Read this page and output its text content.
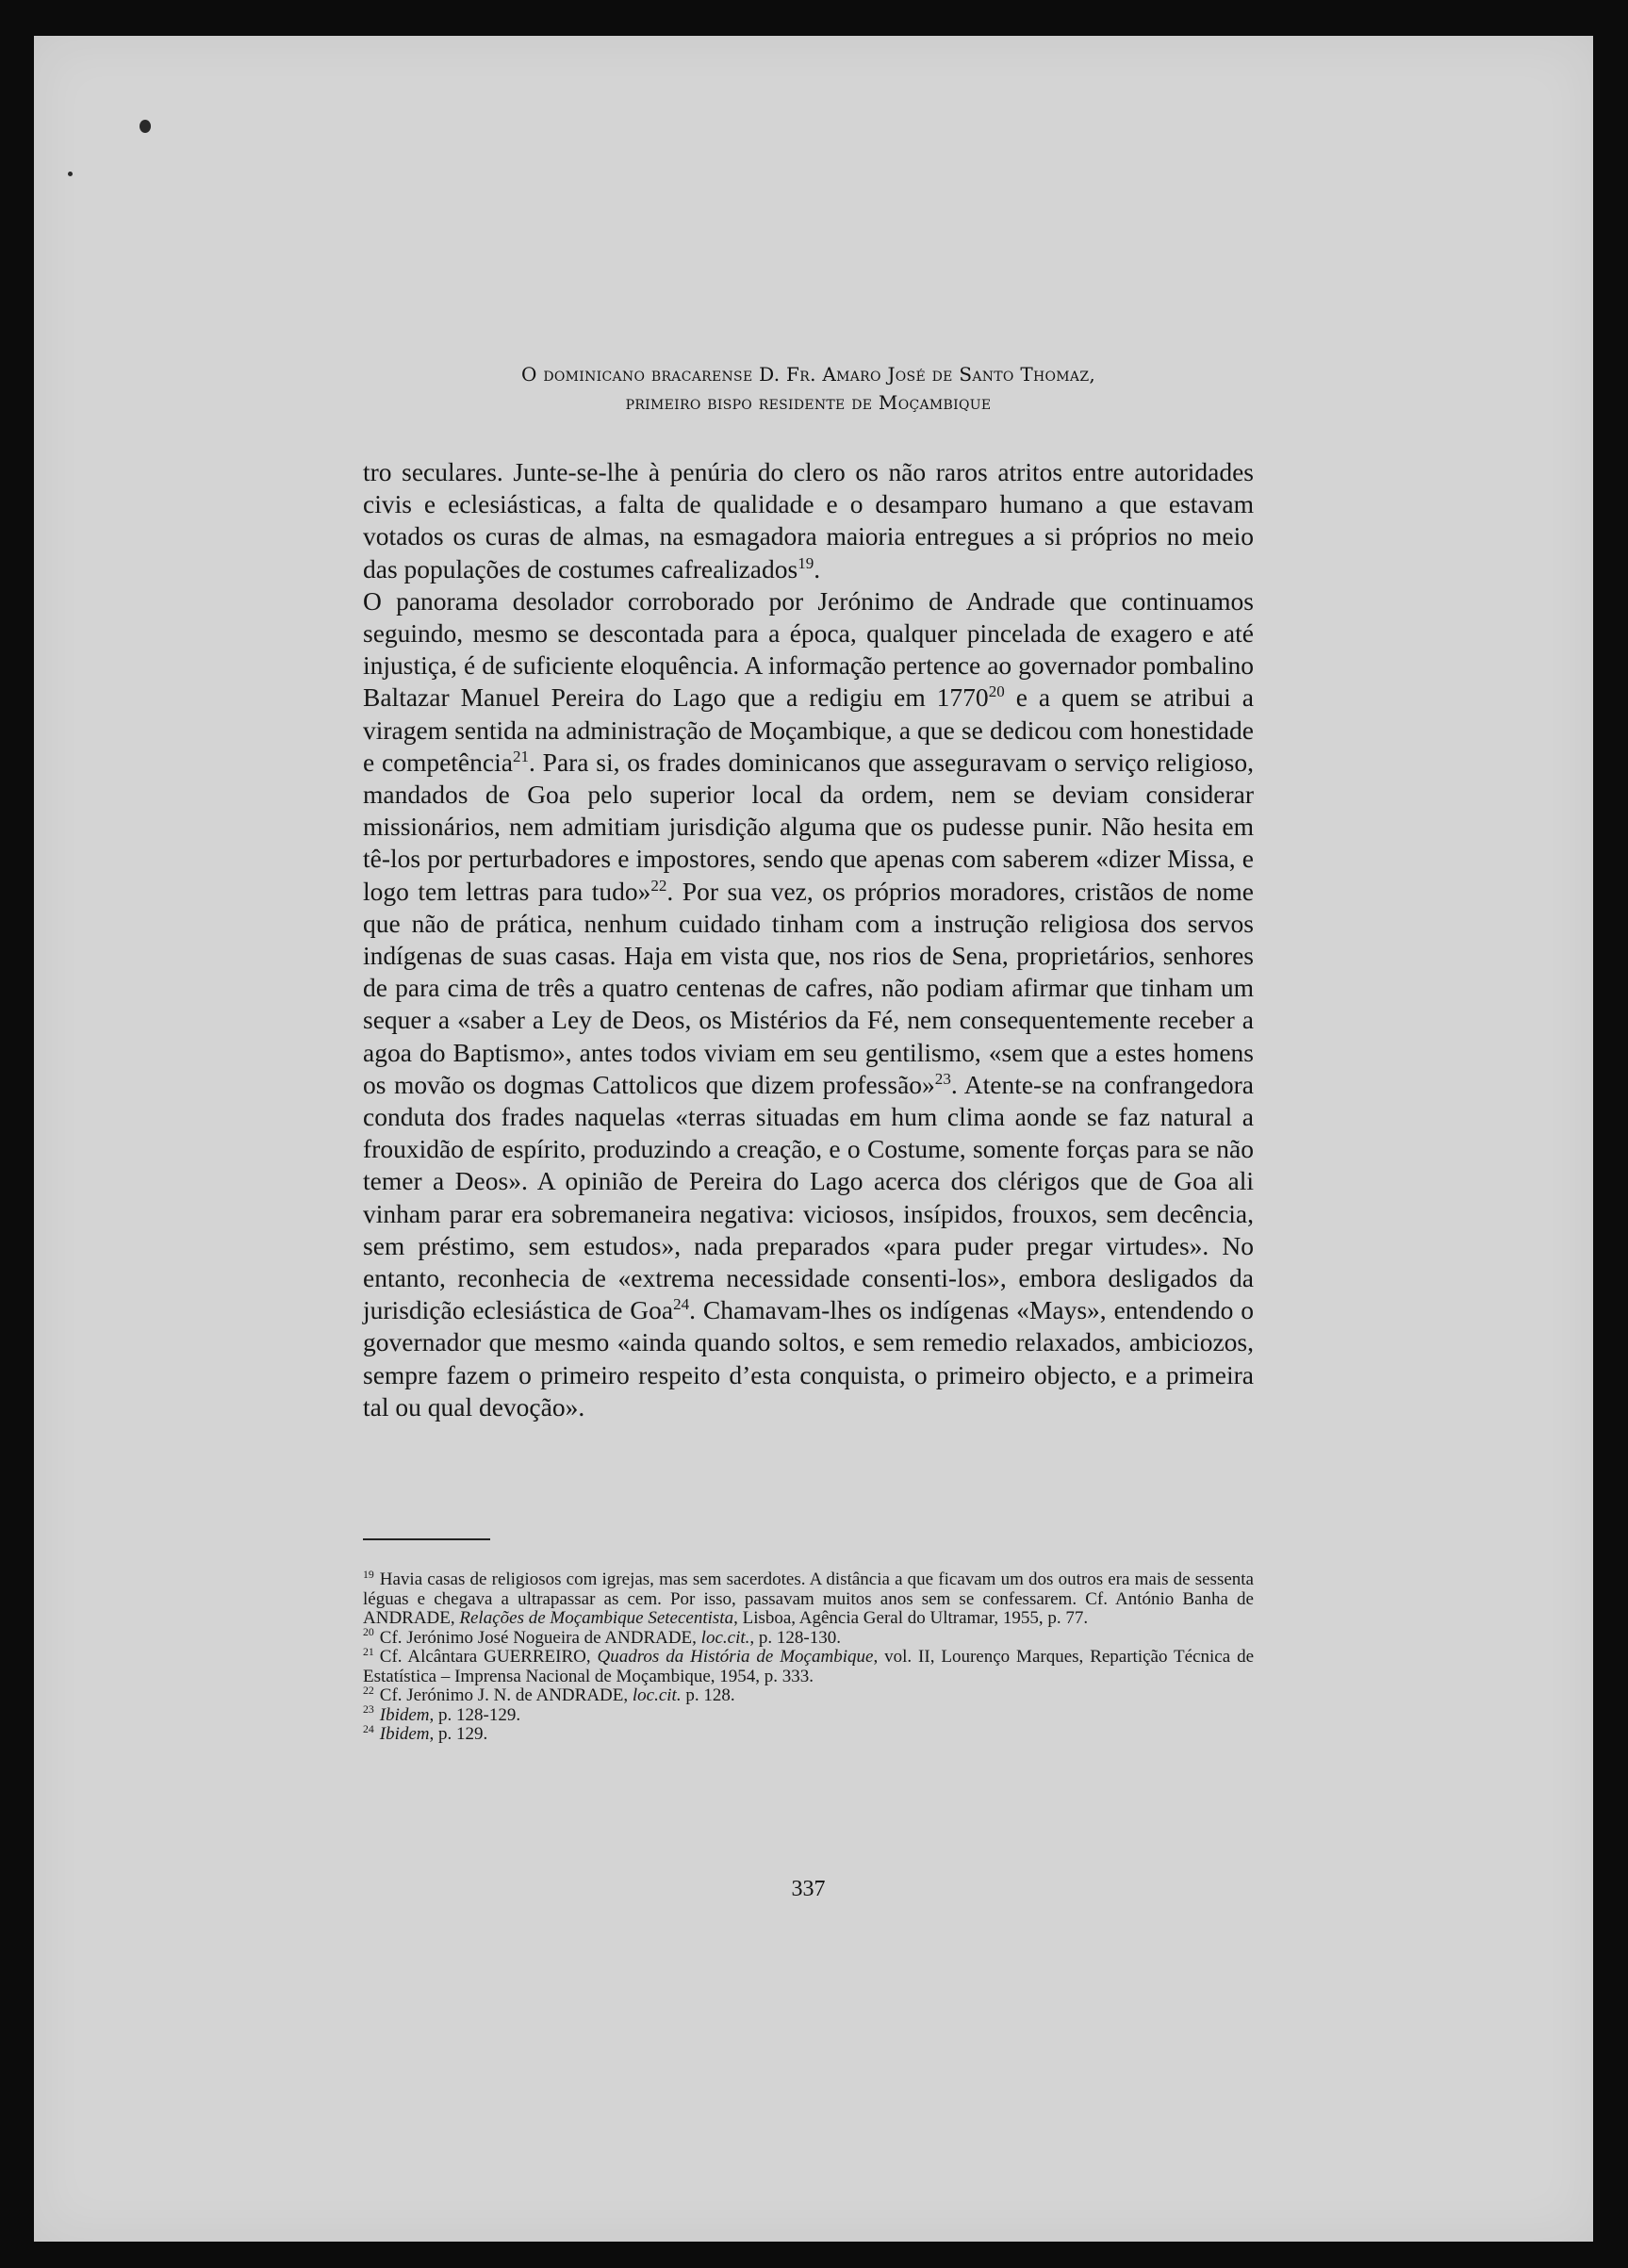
O dominicano bracarense D. Fr. Amaro José de Santo Thomaz,
primeiro bispo residente de Moçambique

tro seculares. Junte-se-lhe à penúria do clero os não raros atritos entre autoridades civis e eclesiásticas, a falta de qualidade e o desamparo humano a que estavam votados os curas de almas, na esmagadora maioria entregues a si próprios no meio das populações de costumes cafrealizados$^{19}$.

O panorama desolador corroborado por Jerónimo de Andrade que continuamos seguindo, mesmo se descontada para a época, qualquer pincelada de exagero e até injustiça, é de suficiente eloquência. A informação pertence ao governador pombalino Baltazar Manuel Pereira do Lago que a redigiu em 1770$^{20}$ e a quem se atribui a viragem sentida na administração de Moçambique, a que se dedicou com honestidade e competência$^{21}$. Para si, os frades dominicanos que asseguravam o serviço religioso, mandados de Goa pelo superior local da ordem, nem se deviam considerar missionários, nem admitiam jurisdição alguma que os pudesse punir. Não hesita em tê-los por perturbadores e impostores, sendo que apenas com saberem «dizer Missa, e logo tem lettras para tudo»$^{22}$. Por sua vez, os próprios moradores, cristãos de nome que não de prática, nenhum cuidado tinham com a instrução religiosa dos servos indígenas de suas casas. Haja em vista que, nos rios de Sena, proprietários, senhores de para cima de três a quatro centenas de cafres, não podiam afirmar que tinham um sequer a «saber a Ley de Deos, os Mistérios da Fé, nem consequentemente receber a agoa do Baptismo», antes todos viviam em seu gentilismo, «sem que a estes homens os movão os dogmas Cattolicos que dizem professão»$^{23}$. Atente-se na confrangedora conduta dos frades naquelas «terras situadas em hum clima aonde se faz natural a frouxidão de espírito, produzindo a creação, e o Costume, somente forças para se não temer a Deos». A opinião de Pereira do Lago acerca dos clérigos que de Goa ali vinham parar era sobremaneira negativa: viciosos, insípidos, frouxos, sem decência, sem préstimo, sem estudos», nada preparados «para puder pregar virtudes». No entanto, reconhecia de «extrema necessidade consenti-los», embora desligados da jurisdição eclesiástica de Goa$^{24}$. Chamavam-lhes os indígenas «Mays», entendendo o governador que mesmo «ainda quando soltos, e sem remedio relaxados, ambiciozos, sempre fazem o primeiro respeito d’esta conquista, o primeiro objecto, e a primeira tal ou qual devoção».

$^{19}$ Havia casas de religiosos com igrejas, mas sem sacerdotes. A distância a que ficavam um dos outros era mais de sessenta léguas e chegava a ultrapassar as cem. Por isso, passavam muitos anos sem se confessarem. Cf. António Banha de ANDRADE, Relações de Moçambique Setecentista, Lisboa, Agência Geral do Ultramar, 1955, p. 77.

$^{20}$ Cf. Jerónimo José Nogueira de ANDRADE, loc.cit., p. 128-130.

$^{21}$ Cf. Alcântara GUERREIRO, Quadros da História de Moçambique, vol. II, Lourenço Marques, Repartição Técnica de Estatística – Imprensa Nacional de Moçambique, 1954, p. 333.

$^{22}$ Cf. Jerónimo J. N. de ANDRADE, loc.cit. p. 128.

$^{23}$ Ibidem, p. 128-129.

$^{24}$ Ibidem, p. 129.

337
